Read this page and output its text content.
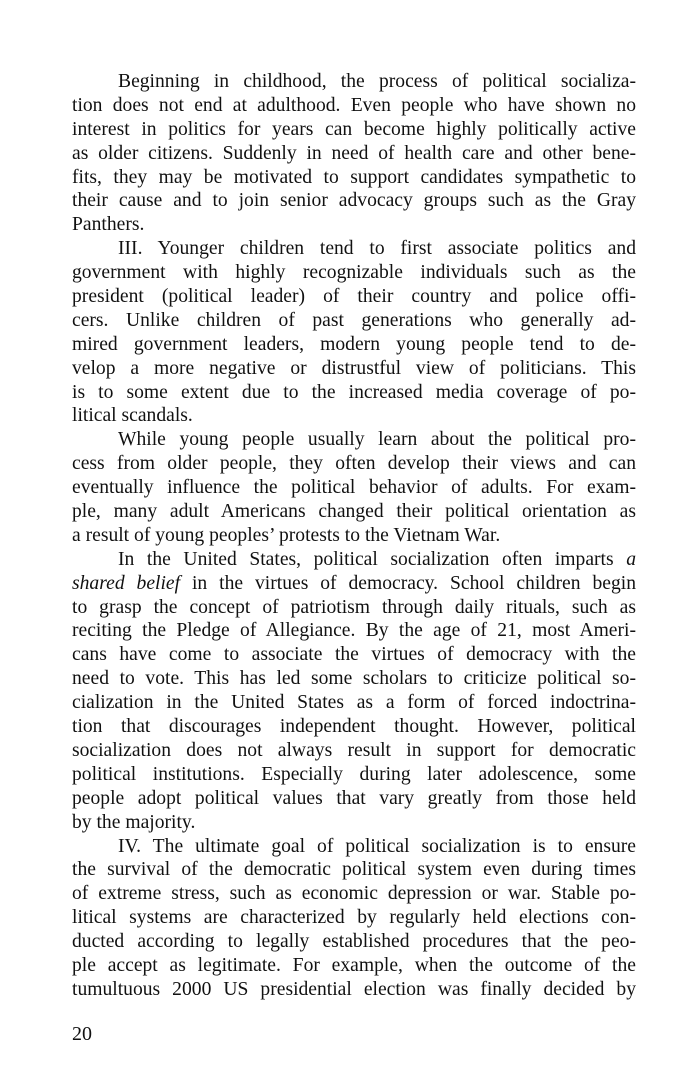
Beginning in childhood, the process of political socializa-
tion does not end at adulthood. Even people who have shown no
interest in politics for years can become highly politically active
as older citizens. Suddenly in need of health care and other bene-
fits, they may be motivated to support candidates sympathetic to
their cause and to join senior advocacy groups such as the Gray
Panthers.
III. Younger children tend to first associate politics and
government with highly recognizable individuals such as the
president (political leader) of their country and police offi-
cers. Unlike children of past generations who generally ad-
mired government leaders, modern young people tend to de-
velop a more negative or distrustful view of politicians. This
is to some extent due to the increased media coverage of po-
litical scandals.
While young people usually learn about the political pro-
cess from older people, they often develop their views and can
eventually influence the political behavior of adults. For exam-
ple, many adult Americans changed their political orientation as
a result of young peoples’ protests to the Vietnam War.
In the United States, political socialization often imparts a
shared belief in the virtues of democracy. School children begin
to grasp the concept of patriotism through daily rituals, such as
reciting the Pledge of Allegiance. By the age of 21, most Ameri-
cans have come to associate the virtues of democracy with the
need to vote. This has led some scholars to criticize political so-
cialization in the United States as a form of forced indoctrina-
tion that discourages independent thought. However, political
socialization does not always result in support for democratic
political institutions. Especially during later adolescence, some
people adopt political values that vary greatly from those held
by the majority.
IV. The ultimate goal of political socialization is to ensure
the survival of the democratic political system even during times
of extreme stress, such as economic depression or war. Stable po-
litical systems are characterized by regularly held elections con-
ducted according to legally established procedures that the peo-
ple accept as legitimate. For example, when the outcome of the
tumultuous 2000 US presidential election was finally decided by
20
